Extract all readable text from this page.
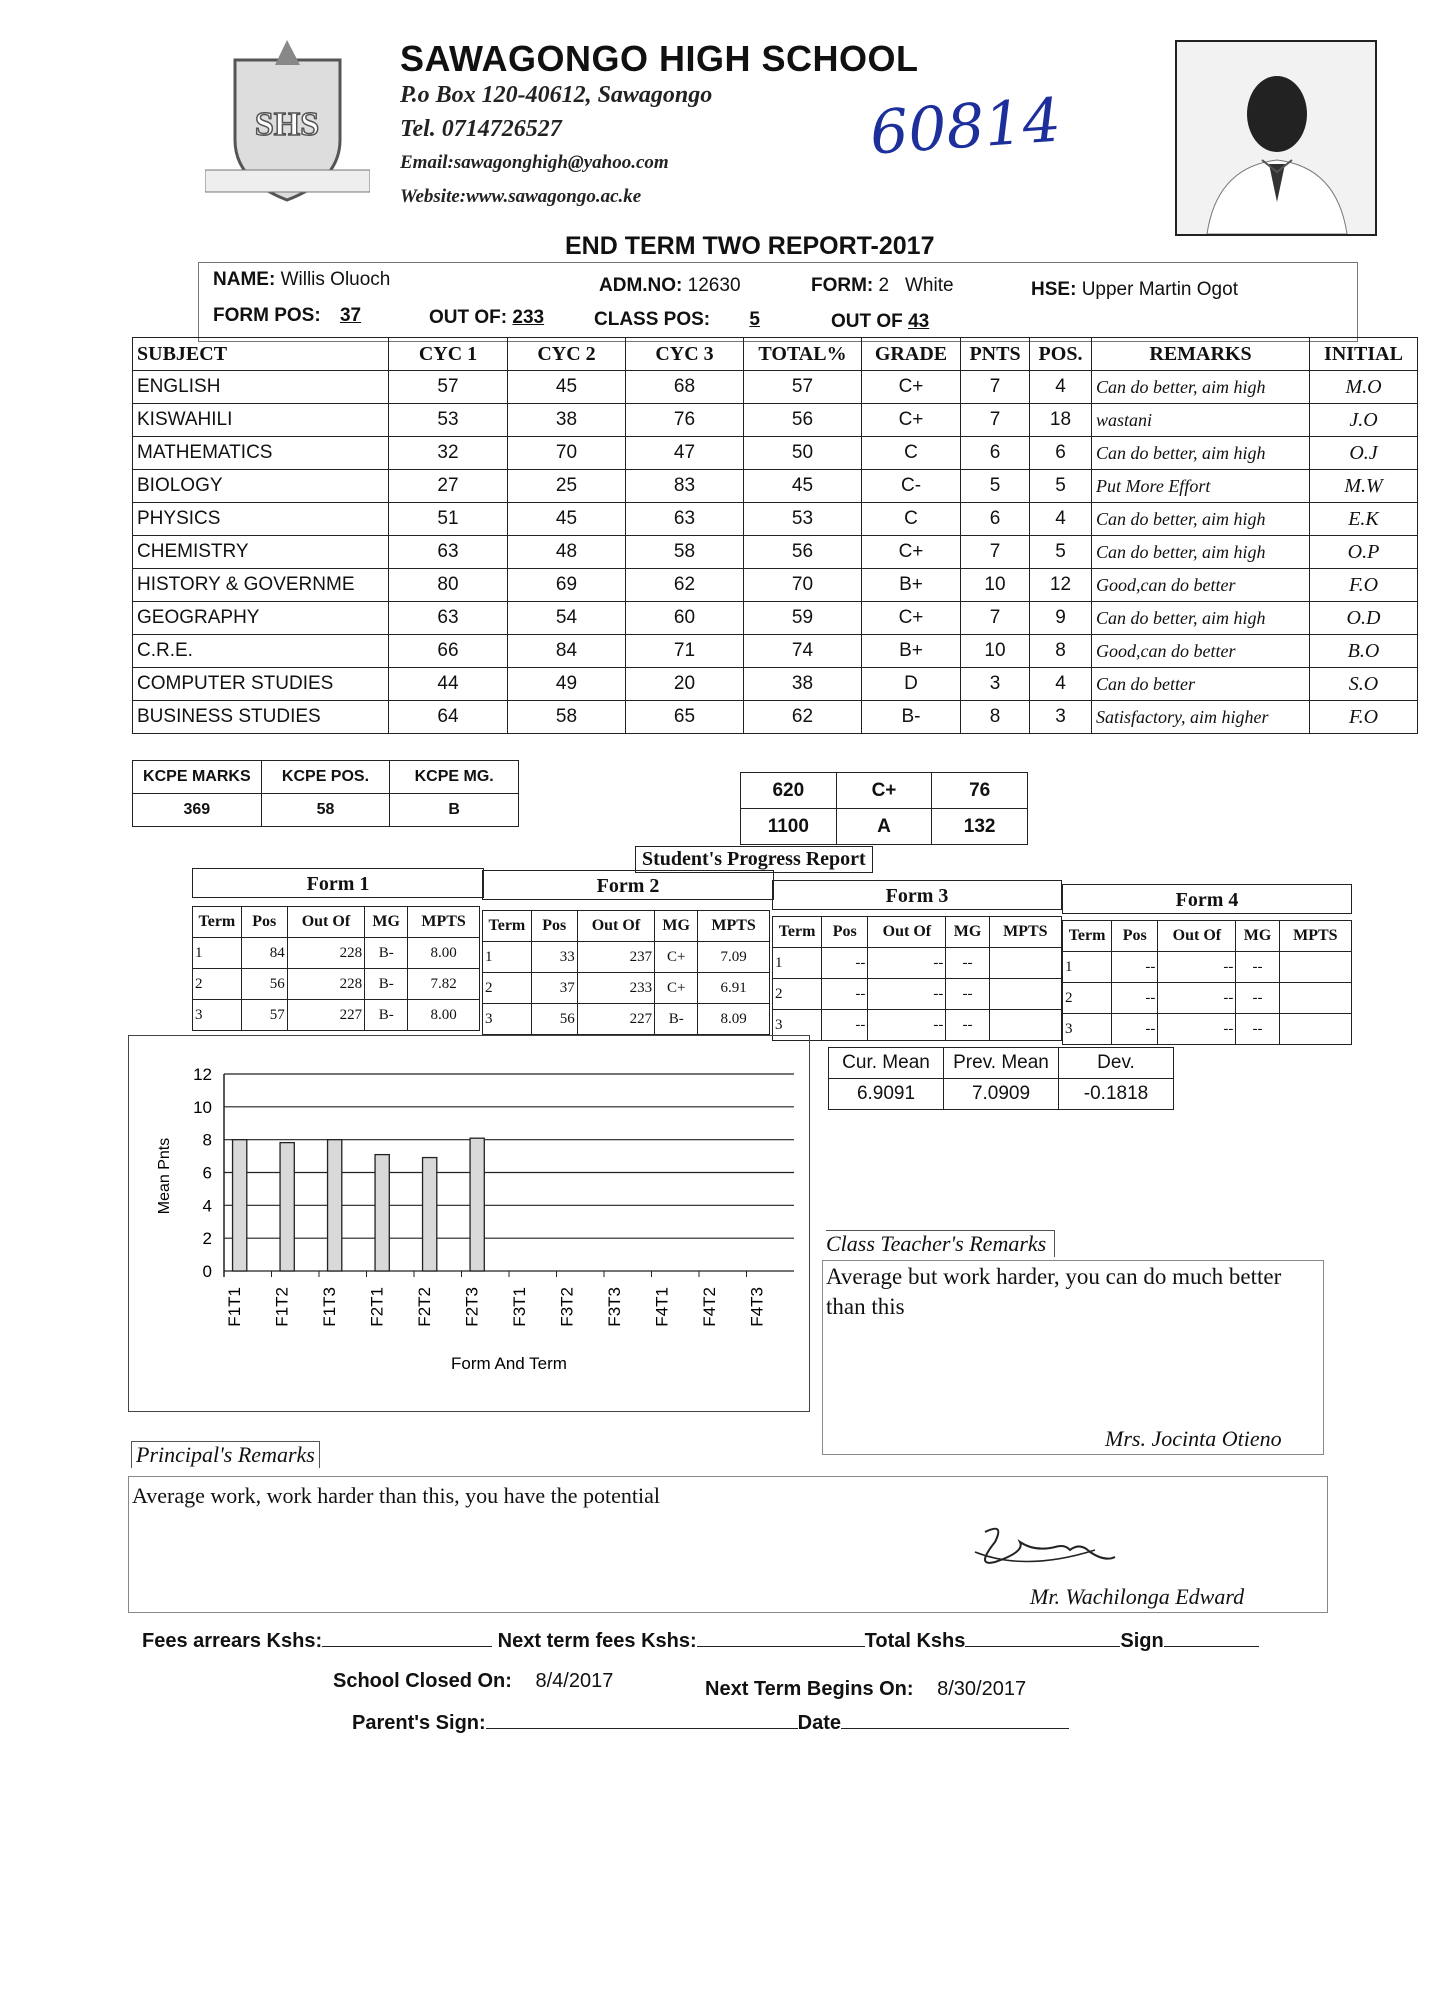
SHS
SAWAGONGO HIGH SCHOOL
P.o Box 120-40612, Sawagongo
Tel. 0714726527
Email:sawagonghigh@yahoo.com
Website:www.sawagongo.ac.ke
60814
END TERM TWO REPORT-2017
NAME: Willis Oluoch	ADM.NO: 12630	FORM: 2 White	HSE: Upper Martin Ogot
FORM POS: 37	OUT OF: 233	CLASS POS: 5	OUT OF 43
SUBJECT	CYC 1	CYC 2	CYC 3	TOTAL%	GRADE	PNTS	POS.	REMARKS	INITIAL
ENGLISH	57	45	68	57	C+	7	4	Can do better, aim high	M.O
KISWAHILI	53	38	76	56	C+	7	18	wastani	J.O
MATHEMATICS	32	70	47	50	C	6	6	Can do better, aim high	O.J
BIOLOGY	27	25	83	45	C-	5	5	Put More Effort	M.W
PHYSICS	51	45	63	53	C	6	4	Can do better, aim high	E.K
CHEMISTRY	63	48	58	56	C+	7	5	Can do better, aim high	O.P
HISTORY & GOVERNME	80	69	62	70	B+	10	12	Good,can do better	F.O
GEOGRAPHY	63	54	60	59	C+	7	9	Can do better, aim high	O.D
C.R.E.	66	84	71	74	B+	10	8	Good,can do better	B.O
COMPUTER STUDIES	44	49	20	38	D	3	4	Can do better	S.O
BUSINESS STUDIES	64	58	65	62	B-	8	3	Satisfactory, aim higher	F.O
KCPE MARKS	KCPE POS.	KCPE MG.
369	58	B
620	C+	76
1100	A	132
Student's Progress Report
Form 1	Form 2	Form 3	Form 4
Term	Pos	Out Of	MG	MPTS
1	84	228	B-	8.00
2	56	228	B-	7.82
3	57	227	B-	8.00
Term	Pos	Out Of	MG	MPTS
1	33	237	C+	7.09
2	37	233	C+	6.91
3	56	227	B-	8.09
Term	Pos	Out Of	MG	MPTS
1	--	--	--	
2	--	--	--	
3	--	--	--	
Term	Pos	Out Of	MG	MPTS
1	--	--	--	
2	--	--	--	
3	--	--	--	
Mean Pnts
Form And Term
0
2
4
6
8
10
12
F1T1 F1T2 F1T3 F2T1 F2T2 F2T3 F3T1 F3T2 F3T3 F4T1 F4T2 F4T3
Cur. Mean	Prev. Mean	Dev.
6.9091	7.0909	-0.1818
Class Teacher's Remarks
Average but work harder, you can do much better than this
Mrs. Jocinta Otieno
Principal's Remarks
Average work, work harder than this, you have the potential
Mr. Wachilonga Edward
Fees arrears Kshs:	Next term fees Kshs:	Total Kshs	Sign
School Closed On: 8/4/2017	Next Term Begins On: 8/30/2017
Parent's Sign:	Date
